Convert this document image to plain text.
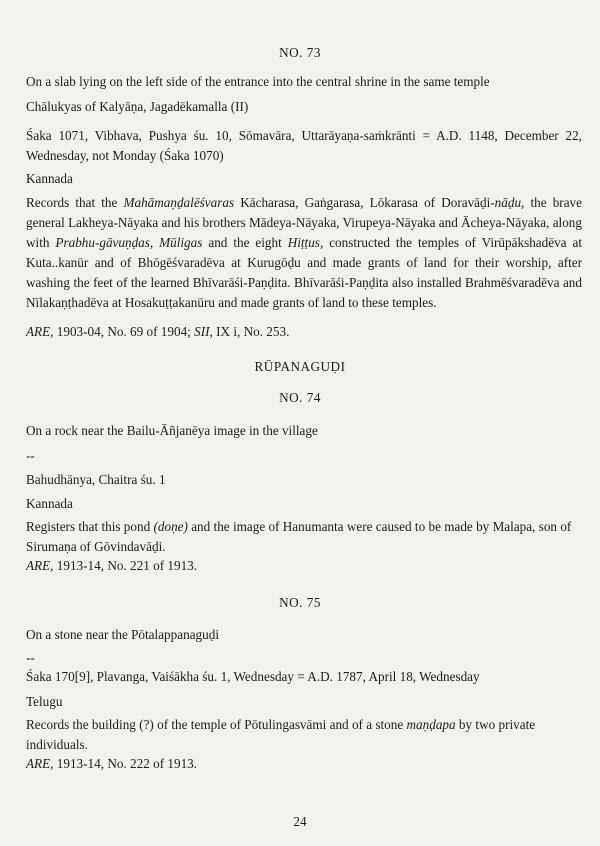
NO. 73

On a slab lying on the left side of the entrance into the central shrine in the same temple

Chālukyas of Kalyāṇa, Jagadēkamalla (II)

Śaka 1071, Vibhava, Pushya śu. 10, Sōmavāra, Uttarāyaṇa-saṁkrānti = A.D. 1148, December 22, Wednesday, not Monday (Śaka 1070)

Kannada

Records that the Mahāmaṇḍalēśvaras Kācharasa, Gaṅgarasa, Lōkarasa of Doravāḍi-nāḍu, the brave general Lakheya-Nāyaka and his brothers Mādeya-Nāyaka, Virupeya-Nāyaka and Ācheya-Nāyaka, along with Prabhu-gāvuṇḍas, Mūligas and the eight Hiṭṭus, constructed the temples of Virūpākshadēva at Kuta..kanūr and of Bhōgēśvaradēva at Kurugōḍu and made grants of land for their worship, after washing the feet of the learned Bhīvarāśi-Paṇḍita. Bhīvarāśi-Paṇḍita also installed Brahmēśvaradēva and Nīlakaṇṭhadēva at Hosakuṭṭakanūru and made grants of land to these temples.

ARE, 1903-04, No. 69 of 1904; SII, IX i, No. 253.

RŪPANAGUḌI

NO. 74

On a rock near the Bailu-Āñjanēya image in the village

--

Bahudhānya, Chaitra śu. 1

Kannada

Registers that this pond (doṇe) and the image of Hanumanta were caused to be made by Malapa, son of Sirumaṇa of Gōvindavāḍi.

ARE, 1913-14, No. 221 of 1913.

NO. 75

On a stone near the Pōtalappanaguḍi

--

Śaka 170[9], Plavanga, Vaiśākha śu. 1, Wednesday = A.D. 1787, April 18, Wednesday

Telugu

Records the building (?) of the temple of Pōtulingasvāmi and of a stone maṇḍapa by two private individuals.

ARE, 1913-14, No. 222 of 1913.

24
